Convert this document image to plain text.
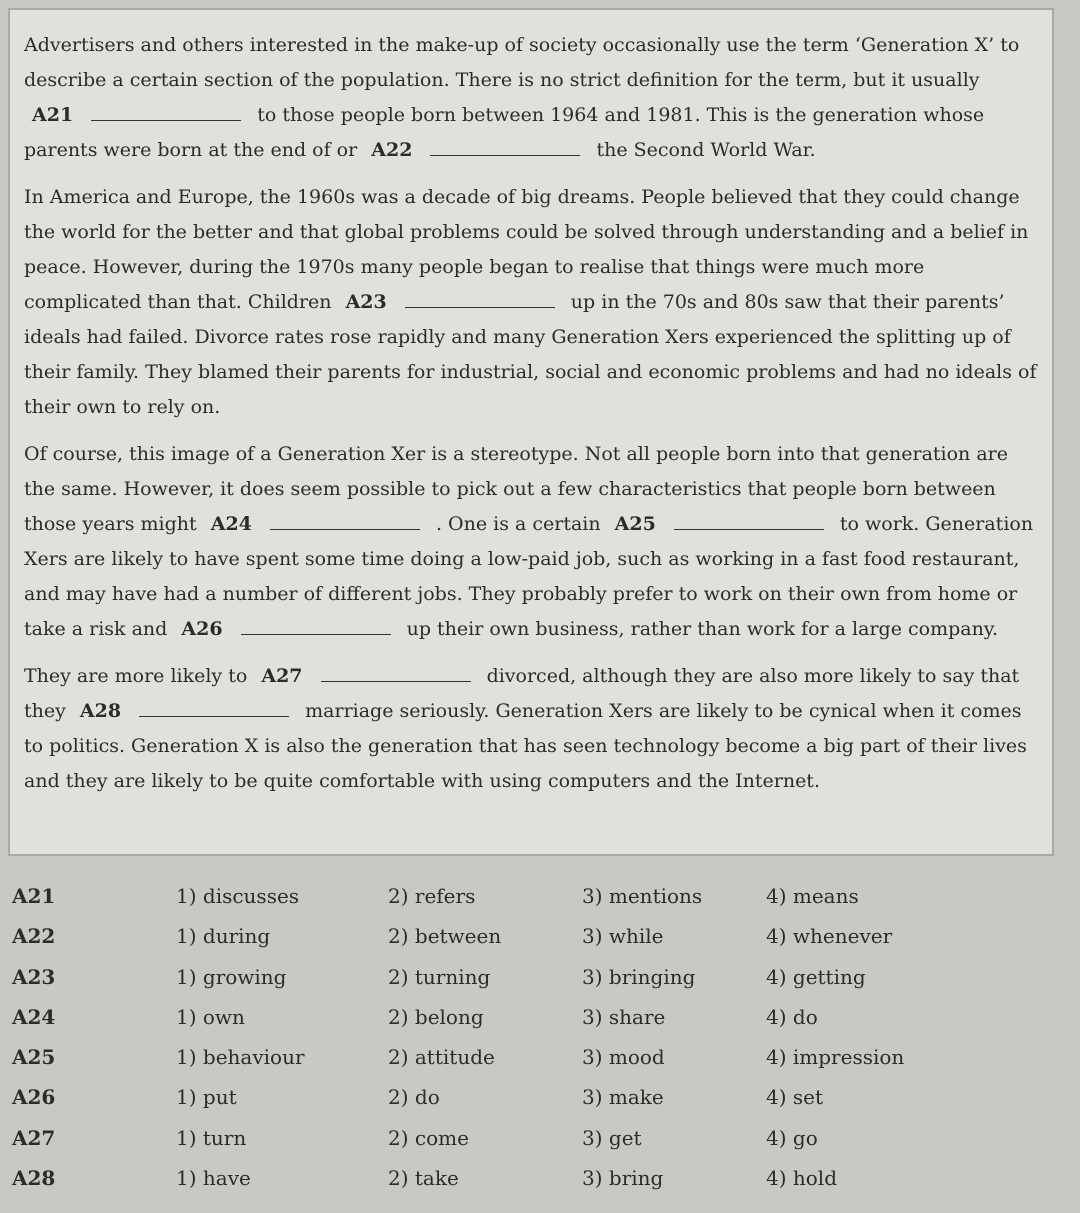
Advertisers and others interested in the make-up of society occasionally use the term ‘Generation X’ to describe a certain section of the population. There is no strict definition for the term, but it usually A21	to those people born between 1964 and 1981. This is the generation whose parents were born at the end of or A22	the Second World War.

In America and Europe, the 1960s was a decade of big dreams. People believed that they could change the world for the better and that global problems could be solved through understanding and a belief in peace. However, during the 1970s many people began to realise that things were much more complicated than that. Children A23	up in the 70s and 80s saw that their parents’ ideals had failed. Divorce rates rose rapidly and many Generation Xers experienced the splitting up of their family. They blamed their parents for industrial, social and economic problems and had no ideals of their own to rely on.

Of course, this image of a Generation Xer is a stereotype. Not all people born into that generation are the same. However, it does seem possible to pick out a few characteristics that people born between those years might A24	. One is a certain A25	to work. Generation Xers are likely to have spent some time doing a low-paid job, such as working in a fast food restaurant, and may have had a number of different jobs. They probably prefer to work on their own from home or take a risk and A26	up their own business, rather than work for a large company.

They are more likely to A27	divorced, although they are also more likely to say that they A28	marriage seriously. Generation Xers are likely to be cynical when it comes to politics. Generation X is also the generation that has seen technology become a big part of their lives and they are likely to be quite comfortable with using computers and the Internet.

A21	1) discusses	2) refers	3) mentions	4) means
A22	1) during	2) between	3) while	4) whenever
A23	1) growing	2) turning	3) bringing	4) getting
A24	1) own	2) belong	3) share	4) do
A25	1) behaviour	2) attitude	3) mood	4) impression
A26	1) put	2) do	3) make	4) set
A27	1) turn	2) come	3) get	4) go
A28	1) have	2) take	3) bring	4) hold
